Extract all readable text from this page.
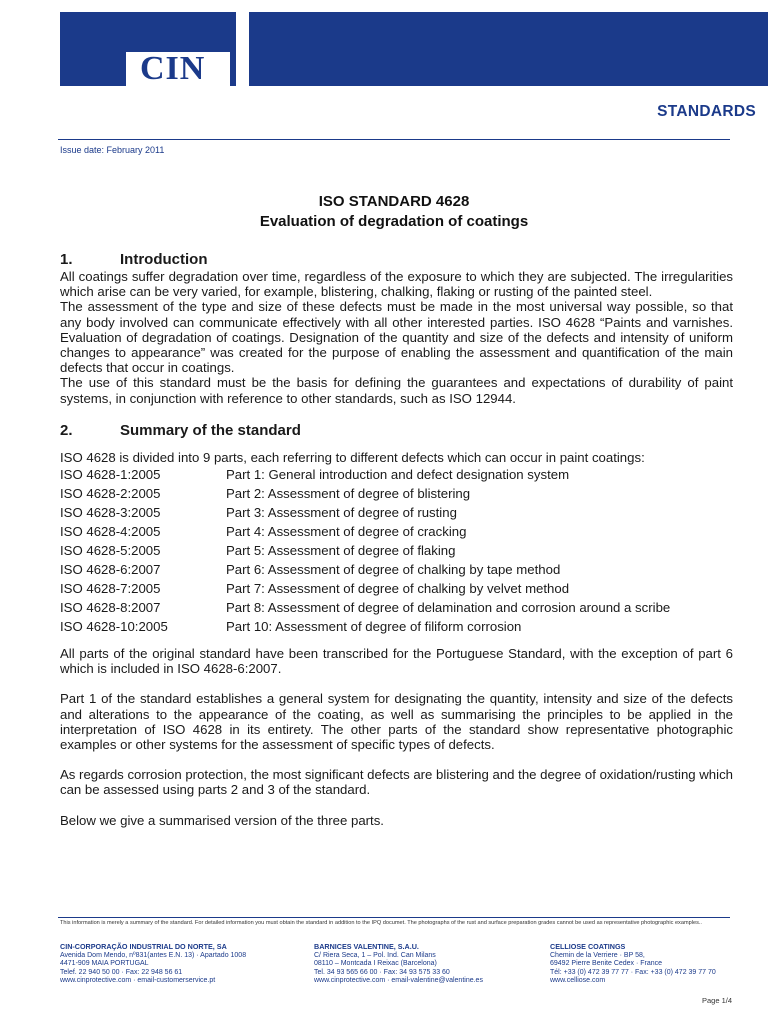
CIN
STANDARDS
Issue date: February 2011
ISO STANDARD 4628
Evaluation of degradation of coatings
1.	Introduction

All coatings suffer degradation over time, regardless of the exposure to which they are subjected. The irregularities which arise can be very varied, for example, blistering, chalking, flaking or rusting of the painted steel.

The assessment of the type and size of these defects must be made in the most universal way possible, so that any body involved can communicate effectively with all other interested parties. ISO 4628 “Paints and varnishes. Evaluation of degradation of coatings. Designation of the quantity and size of the defects and intensity of uniform changes to appearance” was created for the purpose of enabling the assessment and quantification of the main defects that occur in coatings.

The use of this standard must be the basis for defining the guarantees and expectations of durability of paint systems, in conjunction with reference to other standards, such as ISO 12944.

2.	Summary of the standard

ISO 4628 is divided into 9 parts, each referring to different defects which can occur in paint coatings:

ISO 4628-1:2005	Part 1: General introduction and defect designation system
ISO 4628-2:2005	Part 2: Assessment of degree of blistering
ISO 4628-3:2005	Part 3: Assessment of degree of rusting
ISO 4628-4:2005	Part 4: Assessment of degree of cracking
ISO 4628-5:2005	Part 5: Assessment of degree of flaking
ISO 4628-6:2007	Part 6: Assessment of degree of chalking by tape method
ISO 4628-7:2005	Part 7: Assessment of degree of chalking by velvet method
ISO 4628-8:2007	Part 8: Assessment of degree of delamination and corrosion around a scribe
ISO 4628-10:2005	Part 10: Assessment of degree of filiform corrosion

All parts of the original standard have been transcribed for the Portuguese Standard, with the exception of part 6 which is included in ISO 4628-6:2007.

Part 1 of the standard establishes a general system for designating the quantity, intensity and size of the defects and alterations to the appearance of the coating, as well as summarising the principles to be applied in the interpretation of ISO 4628 in its entirety. The other parts of the standard show representative photographic examples or other systems for the assessment of specific types of defects.

As regards corrosion protection, the most significant defects are blistering and the degree of oxidation/rusting which can be assessed using parts 2 and 3 of the standard.

Below we give a summarised version of the three parts.

This information is merely a summary of the standard. For detailed information you must obtain the standard in addition to the IPQ documet. The photographs of the rust and surface preparation grades cannot be used as representative photographic examples..
CIN-CORPORAÇÃO INDUSTRIAL DO NORTE, SA
Avenida Dom Mendo, nº831(antes E.N. 13) · Apartado 1008
4471-909 MAIA PORTUGAL
Telef. 22 940 50 00 · Fax: 22 948 56 61
www.cinprotective.com · email-customerservice.pt
BARNICES VALENTINE, S.A.U.
C/ Riera Seca, 1 – Pol. Ind. Can Milans
08110 – Montcada I Reixac (Barcelona)
Tel. 34 93 565 66 00 · Fax: 34 93 575 33 60
www.cinprotective.com · email-valentine@valentine.es
CELLIOSE COATINGS
Chemin de la Verriere · BP 58,
69492 Pierre Benite Cedex · France
Tél: +33 (0) 472 39 77 77 · Fax: +33 (0) 472 39 77 70
www.celliose.com
Page 1/4
